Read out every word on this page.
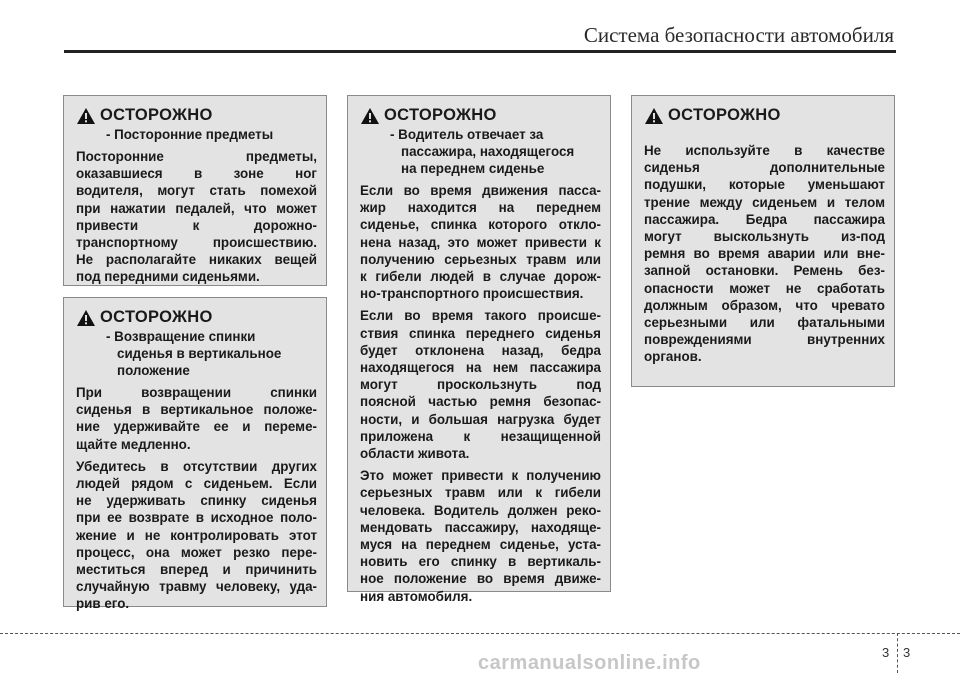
Система безопасности автомобиля
ОСТОРОЖНО
- Посторонние предметы
Посторонние предметы,
оказавшиеся в зоне ног
водителя, могут стать помехой
при нажатии педалей, что может
привести к дорожно-
транспортному происшествию.
Не располагайте никаких вещей
под передними сиденьями.
ОСТОРОЖНО
- Возвращение спинки
сиденья в вертикальное
положение
При возвращении спинки
сиденья в вертикальное положе-
ние удерживайте ее и переме-
щайте медленно.
Убедитесь в отсутствии других
людей рядом с сиденьем. Если
не удерживать спинку сиденья
при ее возврате в исходное поло-
жение и не контролировать этот
процесс, она может резко пере-
меститься вперед и причинить
случайную травму человеку, уда-
рив его.
ОСТОРОЖНО
- Водитель отвечает за
пассажира, находящегося
на переднем сиденье
Если во время движения пасса-
жир находится на переднем
сиденье, спинка которого откло-
нена назад, это может привести к
получению серьезных травм или
к гибели людей в случае дорож-
но-транспортного происшествия.
Если во время такого происше-
ствия спинка переднего сиденья
будет отклонена назад, бедра
находящегося на нем пассажира
могут проскользнуть под
поясной частью ремня безопас-
ности, и большая нагрузка будет
приложена к незащищенной
области живота.
Это может привести к получению
серьезных травм или к гибели
человека. Водитель должен реко-
мендовать пассажиру, находяще-
муся на переднем сиденье, уста-
новить его спинку в вертикаль-
ное положение во время движе-
ния автомобиля.
ОСТОРОЖНО
Не используйте в качестве
сиденья дополнительные
подушки, которые уменьшают
трение между сиденьем и телом
пассажира. Бедра пассажира
могут выскользнуть из-под
ремня во время аварии или вне-
запной остановки. Ремень без-
опасности может не сработать
должным образом, что чревато
серьезными или фатальными
повреждениями внутренних
органов.
3 3
carmanualsonline.info
